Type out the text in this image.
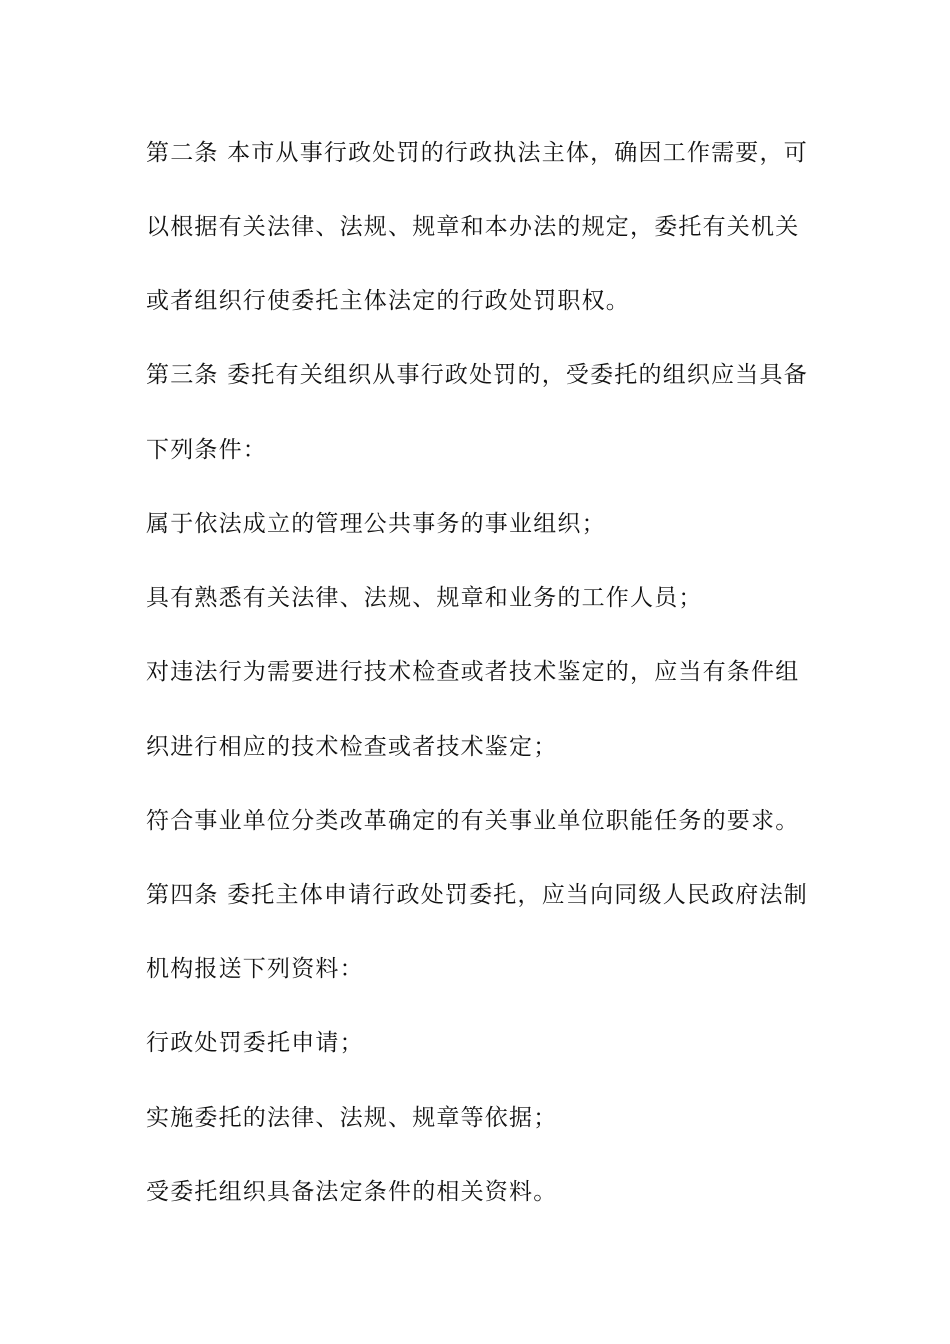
第二条 本市从事行政处罚的行政执法主体，确因工作需要，可
以根据有关法律、法规、规章和本办法的规定，委托有关机关
或者组织行使委托主体法定的行政处罚职权。
第三条 委托有关组织从事行政处罚的，受委托的组织应当具备
下列条件：
属于依法成立的管理公共事务的事业组织；
具有熟悉有关法律、法规、规章和业务的工作人员；
对违法行为需要进行技术检查或者技术鉴定的，应当有条件组
织进行相应的技术检查或者技术鉴定；
符合事业单位分类改革确定的有关事业单位职能任务的要求。
第四条 委托主体申请行政处罚委托，应当向同级人民政府法制
机构报送下列资料：
行政处罚委托申请；
实施委托的法律、法规、规章等依据；
受委托组织具备法定条件的相关资料。
